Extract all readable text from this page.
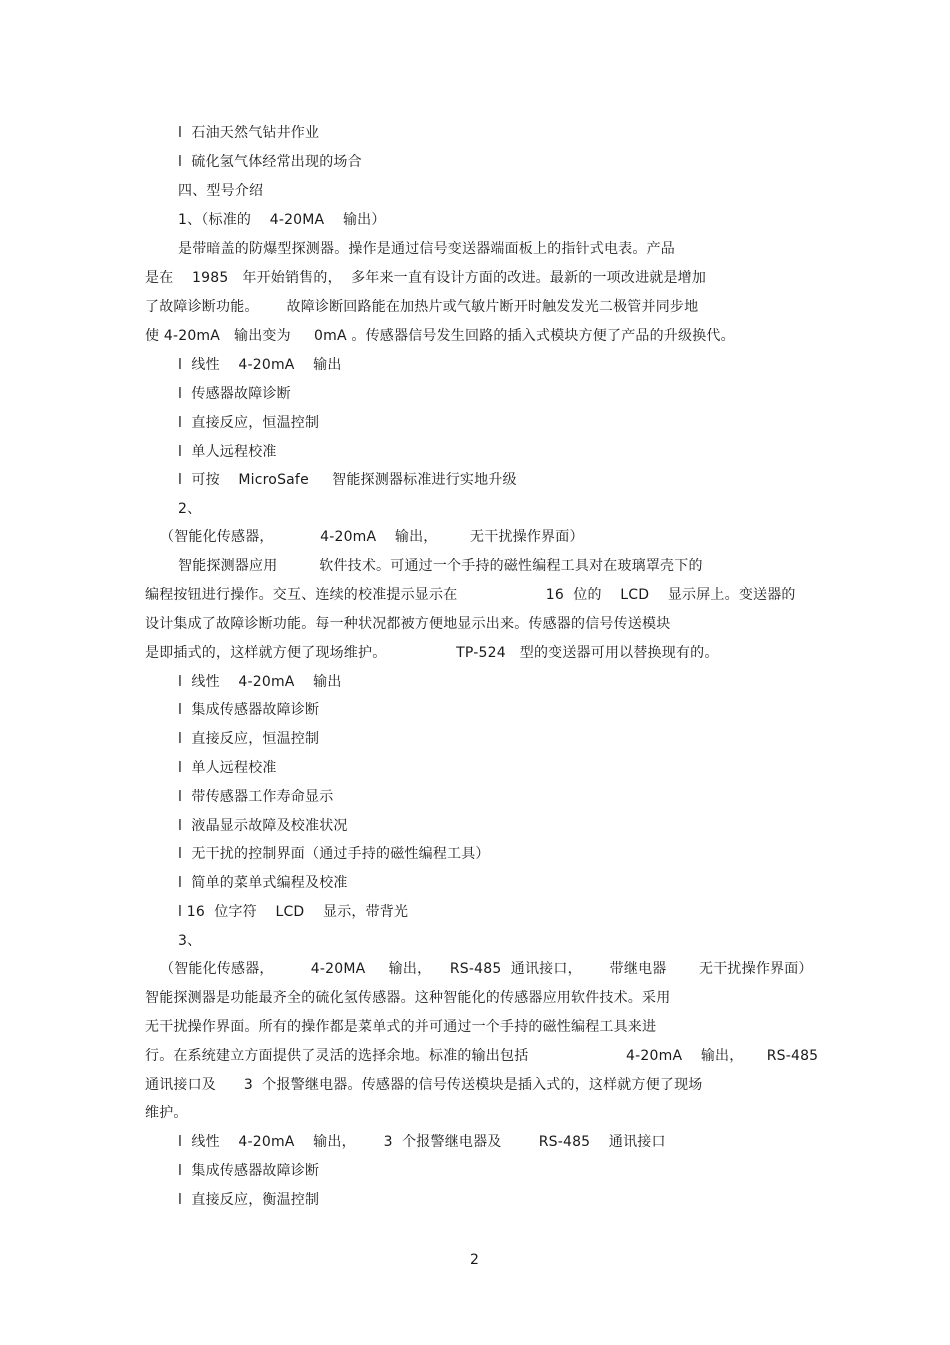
l  石油天然气钻井作业
l  硫化氢气体经常出现的场合
四、型号介绍
1、（标准的    4-20MA    输出）
是带暗盖的防爆型探测器。操作是通过信号变送器端面板上的指针式电表。产品
是在    1985   年开始销售的，  多年来一直有设计方面的改进。最新的一项改进就是增加
了故障诊断功能。      故障诊断回路能在加热片或气敏片断开时触发发光二极管并同步地
使 4-20mA   输出变为     0mA 。传感器信号发生回路的插入式模块方便了产品的升级换代。
l  线性    4-20mA    输出
l  传感器故障诊断
l  直接反应，恒温控制
l  单人远程校准
l  可按    MicroSafe     智能探测器标准进行实地升级
2、
（智能化传感器，          4-20mA    输出，       无干扰操作界面）
智能探测器应用         软件技术。可通过一个手持的磁性编程工具对在玻璃罩壳下的
编程按钮进行操作。交互、连续的校准提示显示在                   16  位的    LCD    显示屏上。变送器的
设计集成了故障诊断功能。每一种状况都被方便地显示出来。传感器的信号传送模块
是即插式的，这样就方便了现场维护。               TP-524   型的变送器可用以替换现有的。
l  线性    4-20mA    输出
l  集成传感器故障诊断
l  直接反应，恒温控制
l  单人远程校准
l  带传感器工作寿命显示
l  液晶显示故障及校准状况
l  无干扰的控制界面（通过手持的磁性编程工具）
l  简单的菜单式编程及校准
l 16  位字符    LCD    显示，带背光
3、
（智能化传感器，        4-20MA     输出，    RS-485  通讯接口，      带继电器       无干扰操作界面）
智能探测器是功能最齐全的硫化氢传感器。这种智能化的传感器应用软件技术。采用
无干扰操作界面。所有的操作都是菜单式的并可通过一个手持的磁性编程工具来进
行。在系统建立方面提供了灵活的选择余地。标准的输出包括                     4-20mA    输出，     RS-485
通讯接口及      3  个报警继电器。传感器的信号传送模块是插入式的，这样就方便了现场
维护。
l  线性    4-20mA    输出，      3  个报警继电器及        RS-485    通讯接口
l  集成传感器故障诊断
l  直接反应，衡温控制
2
